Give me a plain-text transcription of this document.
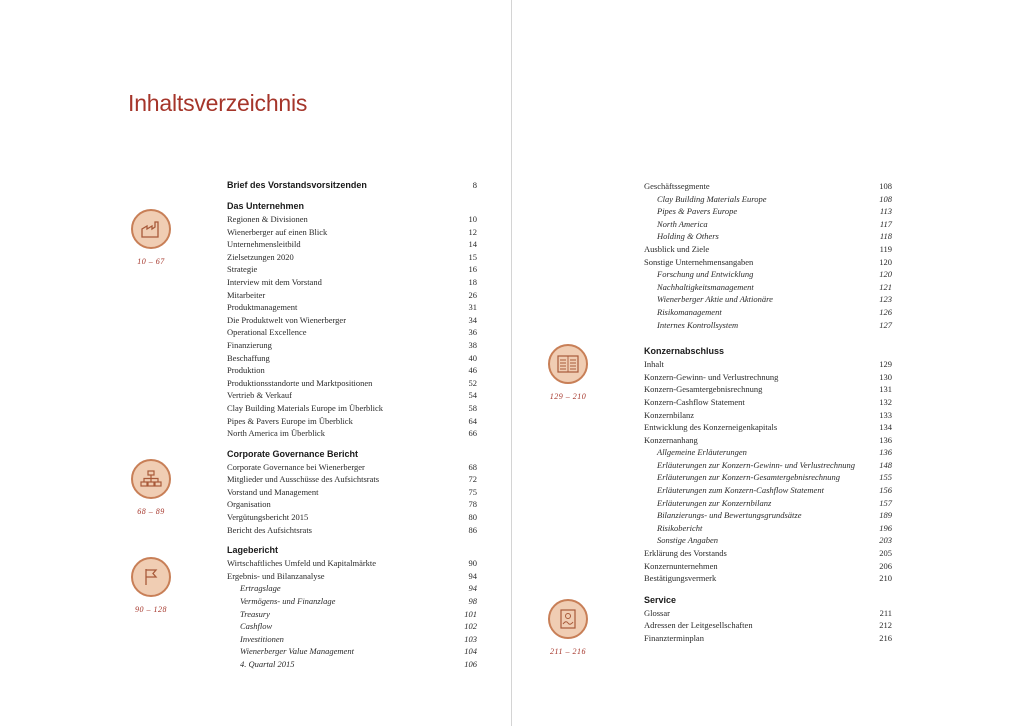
Inhaltsverzeichnis
10 – 67
68 – 89
90 – 128
129 – 210
211 – 216
Brief des Vorstandsvorsitzenden	8
Das Unternehmen
Regionen & Divisionen	10
Wienerberger auf einen Blick	12
Unternehmensleitbild	14
Zielsetzungen 2020	15
Strategie	16
Interview mit dem Vorstand	18
Mitarbeiter	26
Produktmanagement	31
Die Produktwelt von Wienerberger	34
Operational Excellence	36
Finanzierung	38
Beschaffung	40
Produktion	46
Produktionsstandorte und Marktpositionen	52
Vertrieb & Verkauf	54
Clay Building Materials Europe im Überblick	58
Pipes & Pavers Europe im Überblick	64
North America im Überblick	66
Corporate Governance Bericht
Corporate Governance bei Wienerberger	68
Mitglieder und Ausschüsse des Aufsichtsrats	72
Vorstand und Management	75
Organisation	78
Vergütungsbericht 2015	80
Bericht des Aufsichtsrats	86
Lagebericht
Wirtschaftliches Umfeld und Kapitalmärkte	90
Ergebnis- und Bilanzanalyse	94
Ertragslage	94
Vermögens- und Finanzlage	98
Treasury	101
Cashflow	102
Investitionen	103
Wienerberger Value Management	104
4. Quartal 2015	106
Geschäftssegmente	108
Clay Building Materials Europe	108
Pipes & Pavers Europe	113
North America	117
Holding & Others	118
Ausblick und Ziele	119
Sonstige Unternehmensangaben	120
Forschung und Entwicklung	120
Nachhaltigkeitsmanagement	121
Wienerberger Aktie und Aktionäre	123
Risikomanagement	126
Internes Kontrollsystem	127
Konzernabschluss
Inhalt	129
Konzern-Gewinn- und Verlustrechnung	130
Konzern-Gesamtergebnisrechnung	131
Konzern-Cashflow Statement	132
Konzernbilanz	133
Entwicklung des Konzerneigenkapitals	134
Konzernanhang	136
Allgemeine Erläuterungen	136
Erläuterungen zur Konzern-Gewinn- und Verlustrechnung	148
Erläuterungen zur Konzern-Gesamtergebnisrechnung	155
Erläuterungen zum Konzern-Cashflow Statement	156
Erläuterungen zur Konzernbilanz	157
Bilanzierungs- und Bewertungsgrundsätze	189
Risikobericht	196
Sonstige Angaben	203
Erklärung des Vorstands	205
Konzernunternehmen	206
Bestätigungsvermerk	210
Service
Glossar	211
Adressen der Leitgesellschaften	212
Finanzterminplan	216
